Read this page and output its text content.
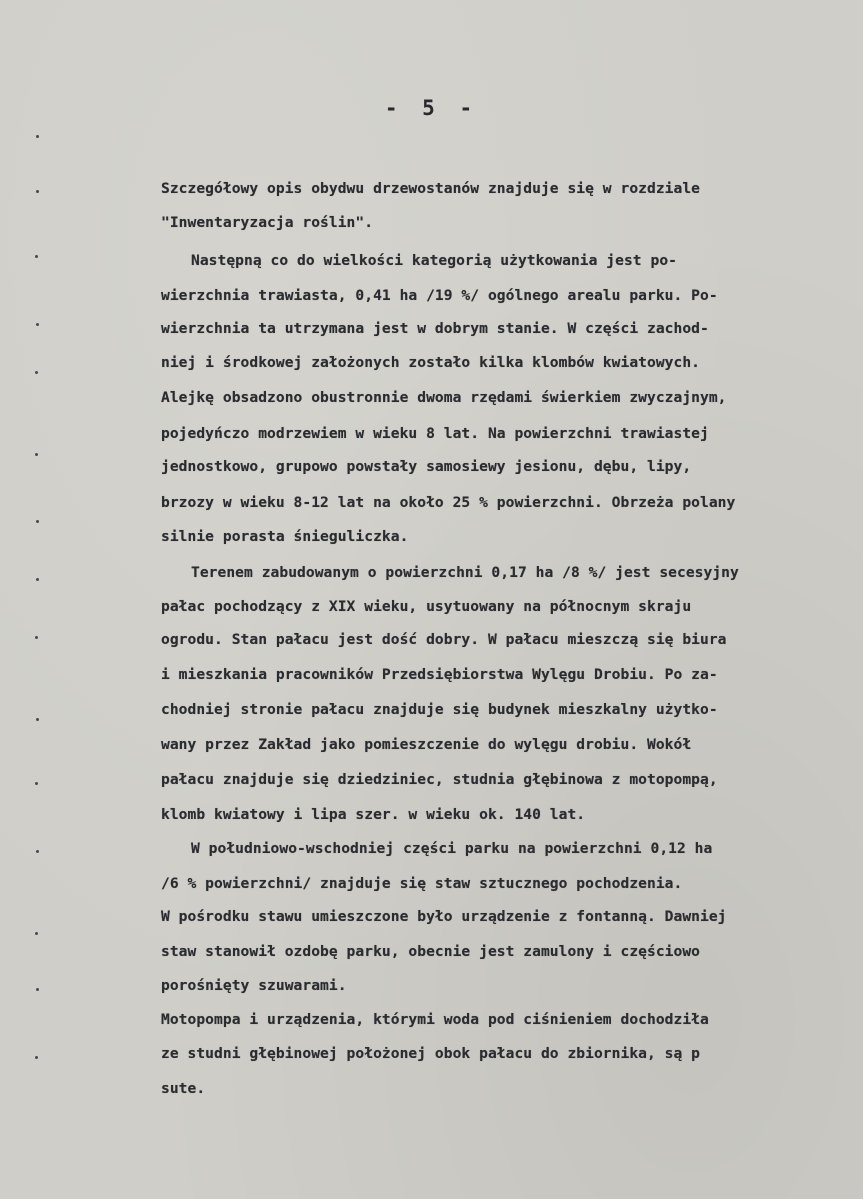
- 5 -
Szczegółowy opis obydwu drzewostanów znajduje się w rozdziale
"Inwentaryzacja roślin".
Następną co do wielkości kategorią użytkowania jest po-
wierzchnia trawiasta, 0,41 ha /19 %/ ogólnego arealu parku. Po-
wierzchnia ta utrzymana jest w dobrym stanie. W części zachod-
niej i środkowej założonych zostało kilka klombów kwiatowych.
Alejkę obsadzono obustronnie dwoma rzędami świerkiem zwyczajnym,
pojedyńczo modrzewiem w wieku 8 lat. Na powierzchni trawiastej
jednostkowo, grupowo powstały samosiewy jesionu, dębu, lipy,
brzozy w wieku 8-12 lat na około 25 % powierzchni. Obrzeża polany
silnie porasta śnieguliczka.
Terenem zabudowanym o powierzchni 0,17 ha /8 %/ jest secesyjny
pałac pochodzący z XIX wieku, usytuowany na północnym skraju
ogrodu. Stan pałacu jest dość dobry. W pałacu mieszczą się biura
i mieszkania pracowników Przedsiębiorstwa Wylęgu Drobiu. Po za-
chodniej stronie pałacu znajduje się budynek mieszkalny użytko-
wany przez Zakład jako pomieszczenie do wylęgu drobiu. Wokół
pałacu znajduje się dziedziniec, studnia głębinowa z motopompą,
klomb kwiatowy i lipa szer. w wieku ok. 140 lat.
W południowo-wschodniej części parku na powierzchni 0,12 ha
/6 % powierzchni/ znajduje się staw sztucznego pochodzenia.
W pośrodku stawu umieszczone było urządzenie z fontanną. Dawniej
staw stanowił ozdobę parku, obecnie jest zamulony i częściowo
porośnięty szuwarami.
Motopompa i urządzenia, którymi woda pod ciśnieniem dochodziła
ze studni głębinowej położonej obok pałacu do zbiornika, są p
sute.
